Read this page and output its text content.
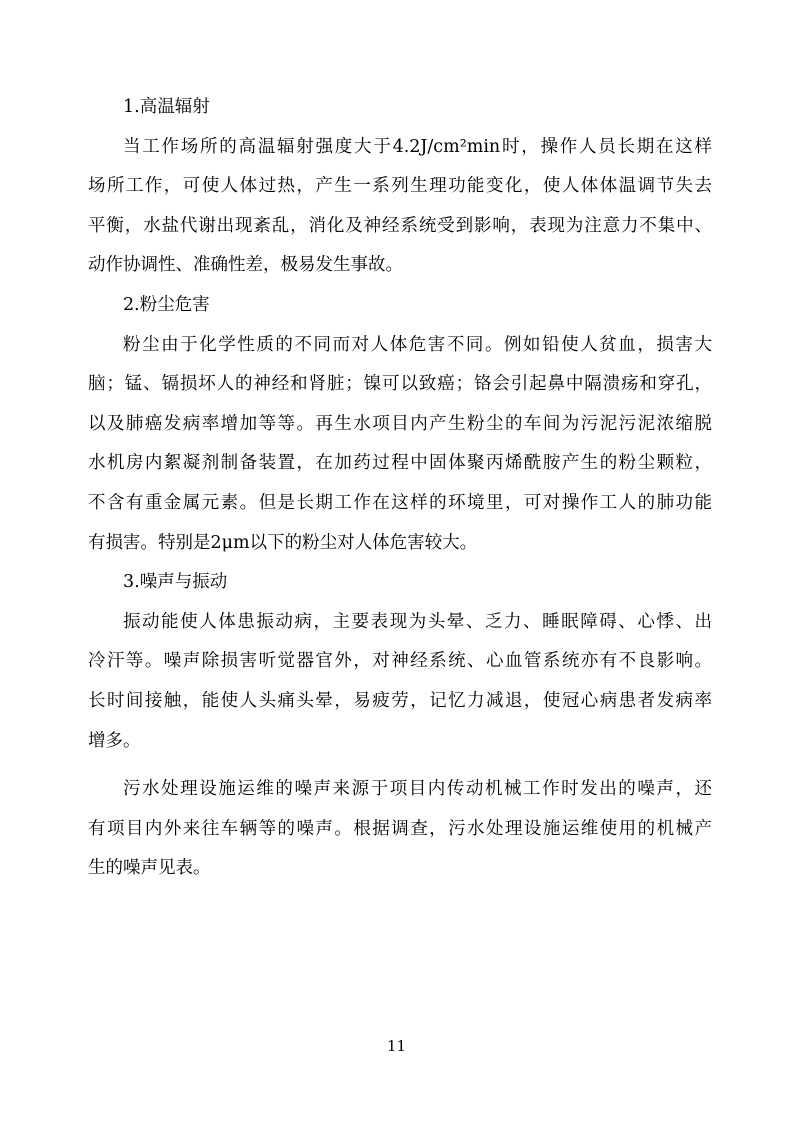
1.高温辐射
当工作场所的高温辐射强度大于4.2J/cm²min时，操作人员长期在这样
场所工作，可使人体过热，产生一系列生理功能变化，使人体体温调节失去
平衡，水盐代谢出现紊乱，消化及神经系统受到影响，表现为注意力不集中、
动作协调性、准确性差，极易发生事故。
2.粉尘危害
粉尘由于化学性质的不同而对人体危害不同。例如铅使人贫血，损害大
脑；锰、镉损坏人的神经和肾脏；镍可以致癌；铬会引起鼻中隔溃疡和穿孔，
以及肺癌发病率增加等等。再生水项目内产生粉尘的车间为污泥污泥浓缩脱
水机房内絮凝剂制备装置，在加药过程中固体聚丙烯酰胺产生的粉尘颗粒，
不含有重金属元素。但是长期工作在这样的环境里，可对操作工人的肺功能
有损害。特别是2μm以下的粉尘对人体危害较大。
3.噪声与振动
振动能使人体患振动病，主要表现为头晕、乏力、睡眠障碍、心悸、出
冷汗等。噪声除损害听觉器官外，对神经系统、心血管系统亦有不良影响。
长时间接触，能使人头痛头晕，易疲劳，记忆力减退，使冠心病患者发病率
增多。
污水处理设施运维的噪声来源于项目内传动机械工作时发出的噪声，还
有项目内外来往车辆等的噪声。根据调查，污水处理设施运维使用的机械产
生的噪声见表。
11
